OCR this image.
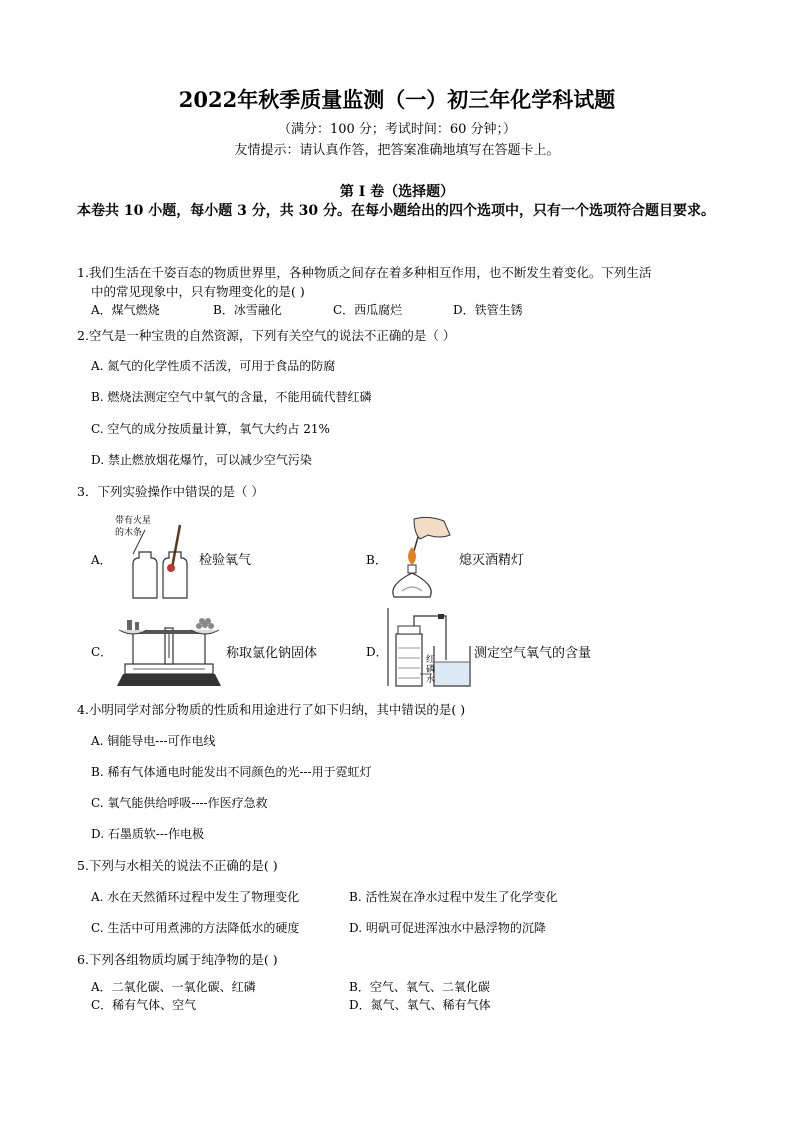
2022年秋季质量监测（一）初三年化学科试题
（满分：100 分；考试时间：60 分钟；）
友情提示：请认真作答，把答案准确地填写在答题卡上。
第 I 卷（选择题）
本卷共 10 小题，每小题 3 分，共 30 分。在每小题给出的四个选项中，只有一个选项符合题目要求。
1.我们生活在千姿百态的物质世界里，各种物质之间存在着多种相互作用，也不断发生着变化。下列生活
中的常见现象中，只有物理变化的是( )
A．煤气燃烧	B．冰雪融化	C．西瓜腐烂	D．铁管生锈
2.空气是一种宝贵的自然资源，下列有关空气的说法不正确的是（ ）
A. 氮气的化学性质不活泼，可用于食品的防腐
B. 燃烧法测定空气中氧气的含量，不能用硫代替红磷
C. 空气的成分按质量计算，氧气大约占 21%
D. 禁止燃放烟花爆竹，可以减少空气污染
3．下列实验操作中错误的是（ ）
A．
带有火星
的木条
检验氧气	B．	熄灭酒精灯
C．	称取氯化钠固体	D．
红
磷
水
测定空气氧气的含量
4.小明同学对部分物质的性质和用途进行了如下归纳，其中错误的是( )
A. 铜能导电---可作电线
B. 稀有气体通电时能发出不同颜色的光---用于霓虹灯
C. 氧气能供给呼吸----作医疗急救
D. 石墨质软---作电极
5.下列与水相关的说法不正确的是( )
A. 水在天然循环过程中发生了物理变化	B. 活性炭在净水过程中发生了化学变化
C. 生活中可用煮沸的方法降低水的硬度	D. 明矾可促进浑浊水中悬浮物的沉降
6.下列各组物质均属于纯净物的是( )
A．二氧化碳、一氧化碳、红磷	B．空气、氧气、二氧化碳
C．稀有气体、空气	D．氮气、氧气、稀有气体
